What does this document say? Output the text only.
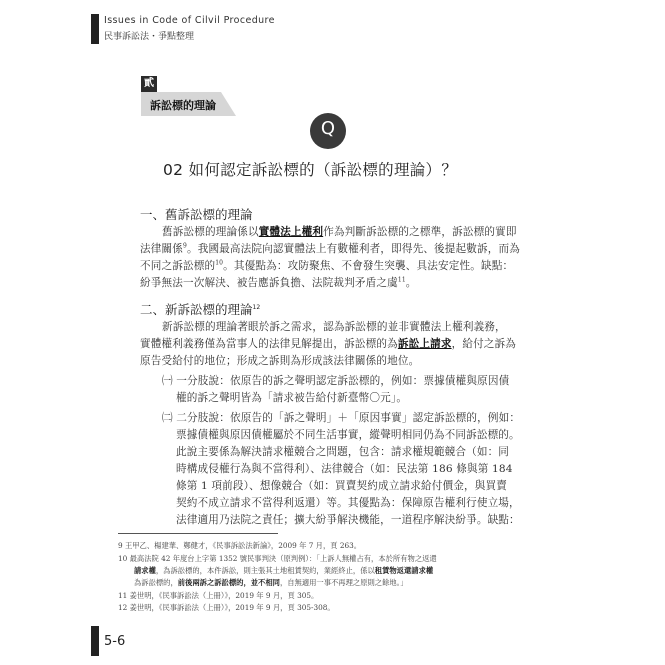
Issues in Code of Cilvil Procedure
民事訴訟法・爭點整理
貳
訴訟標的理論
Q
02 如何認定訴訟標的（訴訟標的理論）？
一、舊訴訟標的理論
舊訴訟標的理論係以實體法上權利作為判斷訴訟標的之標準，訴訟標的實即
法律關係$^9$。我國最高法院向認實體法上有數權利者，即得先、後提起數訴，而為
不同之訴訟標的$^{10}$。其優點為：攻防聚焦、不會發生突襲、具法安定性。缺點：
紛爭無法一次解決、被告應訴負擔、法院裁判矛盾之虞$^{11}$。
二、新訴訟標的理論$^{12}$
新訴訟標的理論著眼於訴之需求，認為訴訟標的並非實體法上權利義務，
實體權利義務僅為當事人的法律見解提出，訴訟標的為訴訟上請求，給付之訴為
原告受給付的地位；形成之訴則為形成該法律關係的地位。
㈠ 一分肢說：依原告的訴之聲明認定訴訟標的，例如：票據債權與原因債
權的訴之聲明皆為「請求被告給付新臺幣〇元」。
㈡ 二分肢說：依原告的「訴之聲明」＋「原因事實」認定訴訟標的，例如：
票據債權與原因債權屬於不同生活事實，縱聲明相同仍為不同訴訟標的。
此說主要係為解決請求權競合之問題，包含：請求權規範競合（如：同
時構成侵權行為與不當得利）、法律競合（如：民法第 186 條與第 184
條第 1 項前段）、想像競合（如：買賣契約成立請求給付價金，與買賣
契約不成立請求不當得利返還）等。其優點為：保障原告權利行使立場，
法律適用乃法院之責任；擴大紛爭解決機能，一道程序解決紛爭。缺點：
9 王甲乙、楊建華、鄭健才，《民事訴訟法新論》，2009 年 7 月，頁 263。
10 最高法院 42 年度台上字第 1352 號民事判決（原判例）：「上訴人無權占有，本於所有物之返還
請求權，為訴訟標的，本件訴訟，則主張其土地租賃契約，業經終止，係以租賃物返還請求權
為訴訟標的，前後兩訴之訴訟標的，並不相同，自無適用一事不再理之原則之餘地。」
11 姜世明，《民事訴訟法（上冊）》，2019 年 9 月，頁 305。
12 姜世明，《民事訴訟法（上冊）》，2019 年 9 月，頁 305-308。
5-6
